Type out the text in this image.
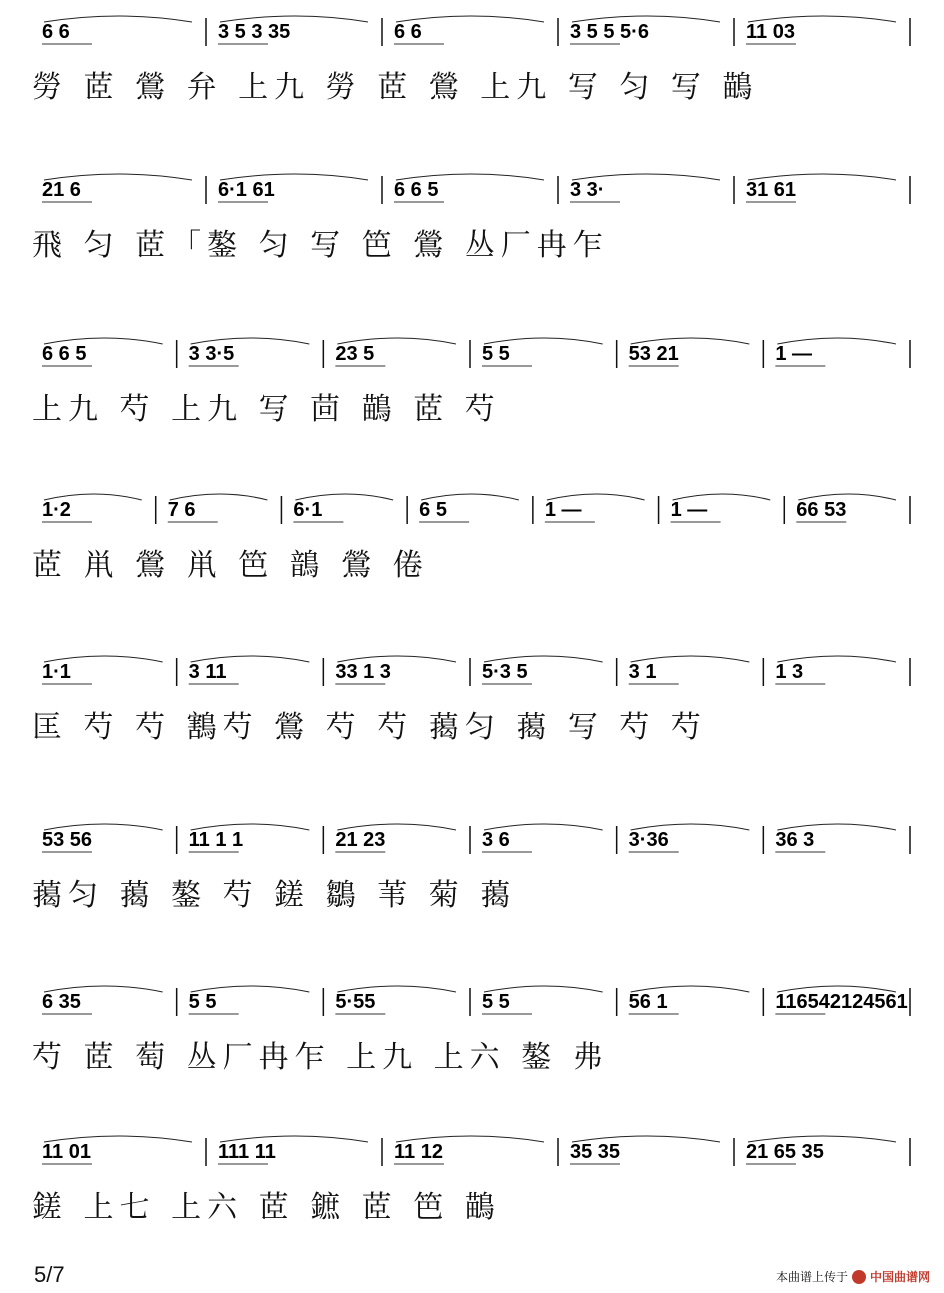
6 6	3 5 3 35	6 6	3 5 5 5·6	11 03
勞 茝 鶯 弁 上九 勞 茝 鶯 上九 写 匀 写 鶓
21 6	6·1 61	6 6 5	3 3·	31 61
飛 匀 茝「鏊 匀 写 笆 鶯 丛厂冉乍
6 6 5	3 3·5	23 5	5 5	53 21	1 —
上九 芍 上九 写 茴 鶓 茝 芍
1·2	7 6	6·1	6 5	1 —	1 —	66 53
茝 鼡 鶯 鼡 笆 鶕 鶯 倦
1·1	3 11	33 1 3	5·3 5	3 1	1 3
匡 芍 芍 鶷芍 鶯 芍 芍 䔾匀 䔾 写 芍 芍
53 56	11 1 1	21 23	3 6	3·36	36 3
䔾匀 䔾 鏊 芍 鎈 鶵 苇 菊 䔾
6 35	5 5	5·55	5 5	56 1	116542124561
芍 茝 萄 丛厂冉乍 上九 上六 鏊 弗
11 01	111 11	11 12	35 35	21 65 35
鎈 上七 上六 茝 鏣 茝 笆 鶓
5/7	本曲谱上传于 中国曲谱网
